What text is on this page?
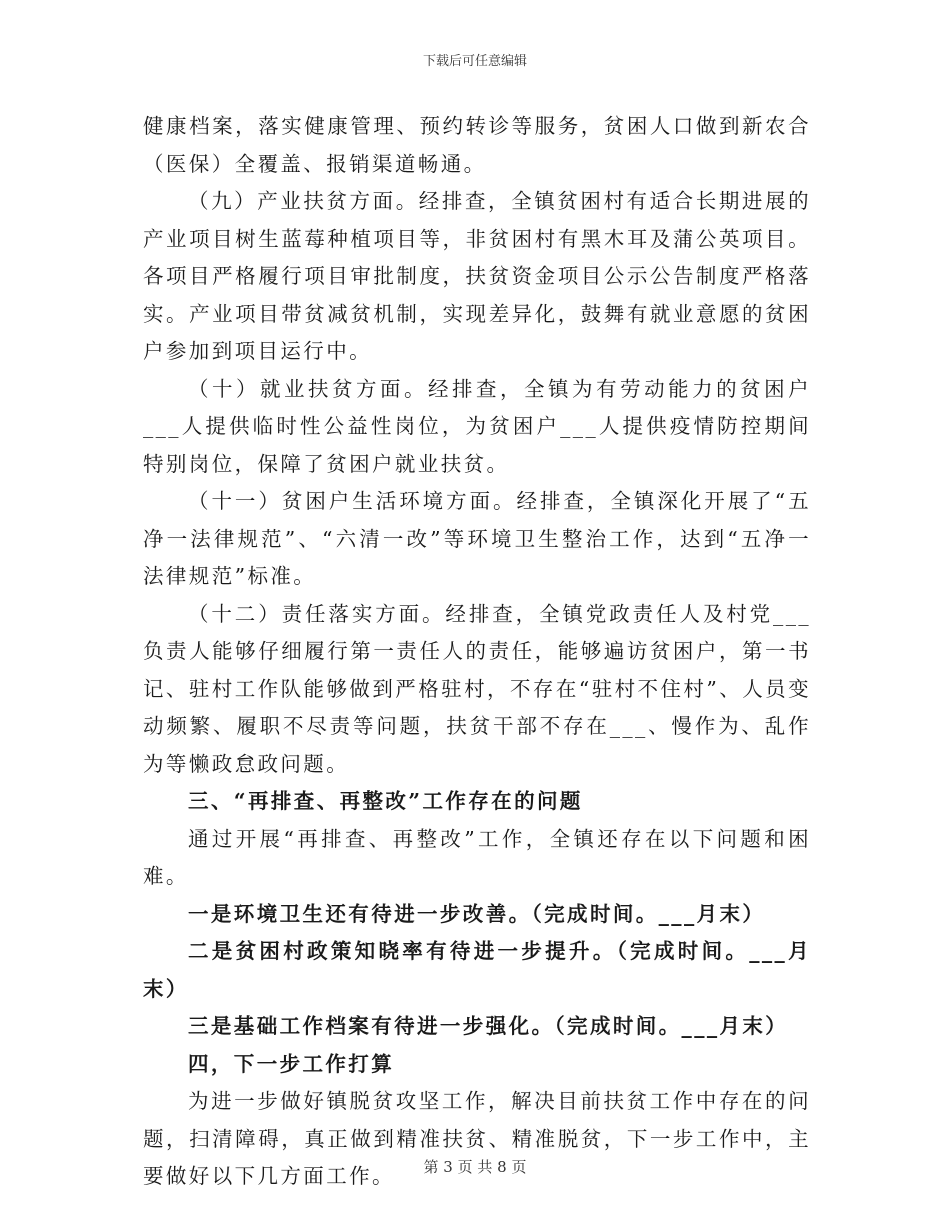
下载后可任意编辑

健康档案，落实健康管理、预约转诊等服务，贫困人口做到新农合（医保）全覆盖、报销渠道畅通。

（九）产业扶贫方面。经排查，全镇贫困村有适合长期进展的产业项目树生蓝莓种植项目等，非贫困村有黑木耳及蒲公英项目。各项目严格履行项目审批制度，扶贫资金项目公示公告制度严格落实。产业项目带贫减贫机制，实现差异化，鼓舞有就业意愿的贫困户参加到项目运行中。

（十）就业扶贫方面。经排查，全镇为有劳动能力的贫困户___人提供临时性公益性岗位，为贫困户___人提供疫情防控期间特别岗位，保障了贫困户就业扶贫。

（十一）贫困户生活环境方面。经排查，全镇深化开展了“五净一法律规范”、“六清一改”等环境卫生整治工作，达到“五净一法律规范”标准。

（十二）责任落实方面。经排查，全镇党政责任人及村党___负责人能够仔细履行第一责任人的责任，能够遍访贫困户，第一书记、驻村工作队能够做到严格驻村，不存在“驻村不住村”、人员变动频繁、履职不尽责等问题，扶贫干部不存在___、慢作为、乱作为等懒政怠政问题。

三、“再排查、再整改”工作存在的问题

通过开展“再排查、再整改”工作，全镇还存在以下问题和困难。

一是环境卫生还有待进一步改善。（完成时间。___月末）

二是贫困村政策知晓率有待进一步提升。（完成时间。___月末）

三是基础工作档案有待进一步强化。（完成时间。___月末）

四，下一步工作打算

为进一步做好镇脱贫攻坚工作，解决目前扶贫工作中存在的问题，扫清障碍，真正做到精准扶贫、精准脱贫，下一步工作中，主要做好以下几方面工作。	第 3 页 共 8 页
